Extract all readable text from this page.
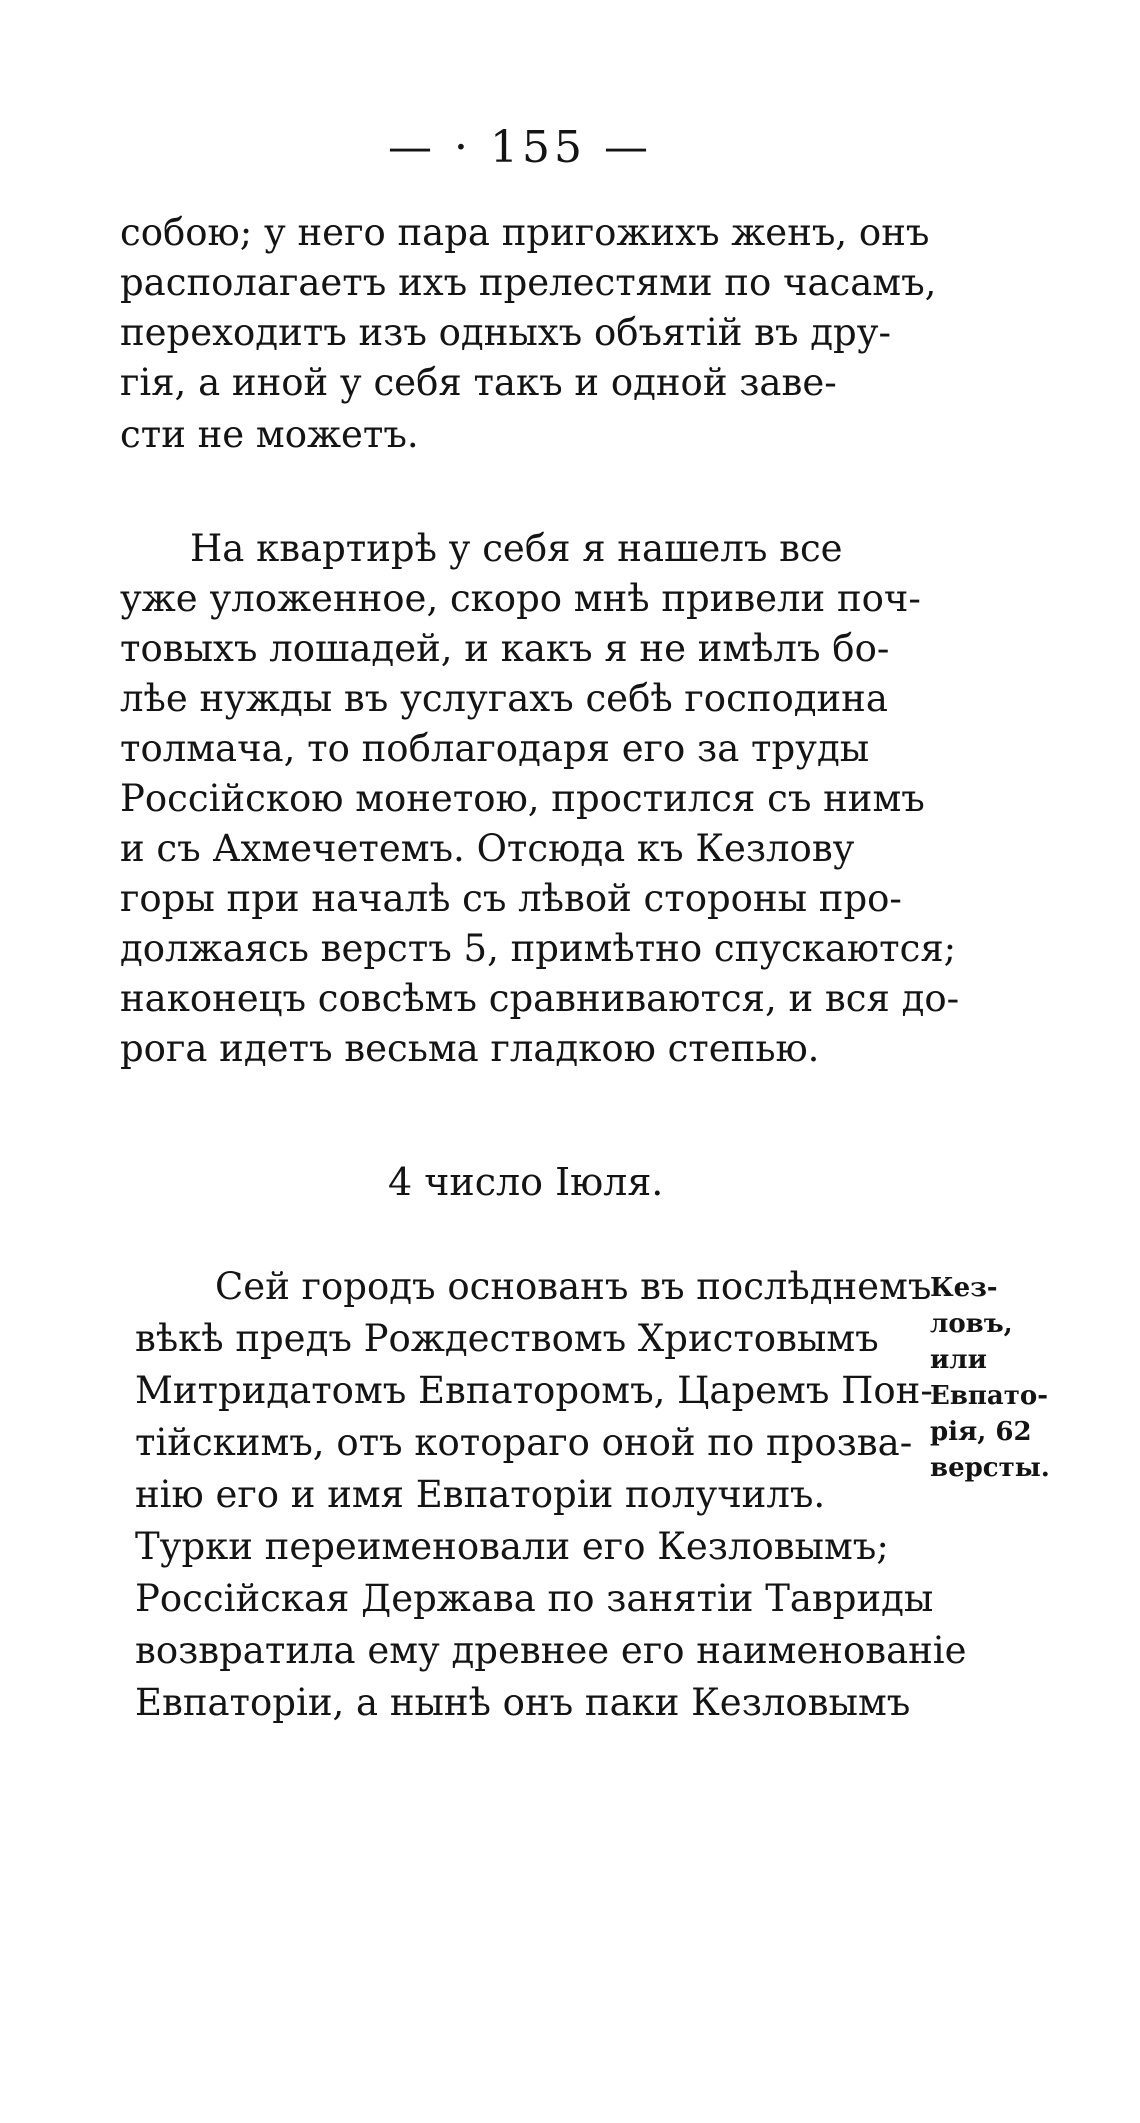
— · 155 —
собою; у него пара пригожихъ женъ, онъ
располагаетъ ихъ прелестями по часамъ,
переходитъ изъ одныхъ объятій въ дру-
гія, а иной у себя такъ и одной заве-
сти не можетъ.
На квартирѣ у себя я нашелъ все
уже уложенное, скоро мнѣ привели поч-
товыхъ лошадей, и какъ я не имѣлъ бо-
лѣе нужды въ услугахъ себѣ господина
толмача, то поблагодаря его за труды
Россійскою монетою, простился съ нимъ
и съ Ахмечетемъ. Отсюда къ Кезлову
горы при началѣ съ лѣвой стороны про-
должаясь верстъ 5, примѣтно спускаются;
наконецъ совсѣмъ сравниваются, и вся до-
рога идетъ весьма гладкою степью.
4 число Іюля.
Сей городъ основанъ въ послѣднемъ
вѣкѣ предъ Рождествомъ Христовымъ
Митридатомъ Евпаторомъ, Царемъ Пон-
тійскимъ, отъ котораго оной по прозва-
нію его и имя Евпаторіи получилъ.
Турки переименовали его Кезловымъ;
Россійская Держава по занятіи Тавриды
возвратила ему древнее его наименованіе
Евпаторіи, а нынѣ онъ паки Кезловымъ
Кез-
ловъ,
или
Евпато-
рія, 62
версты.
